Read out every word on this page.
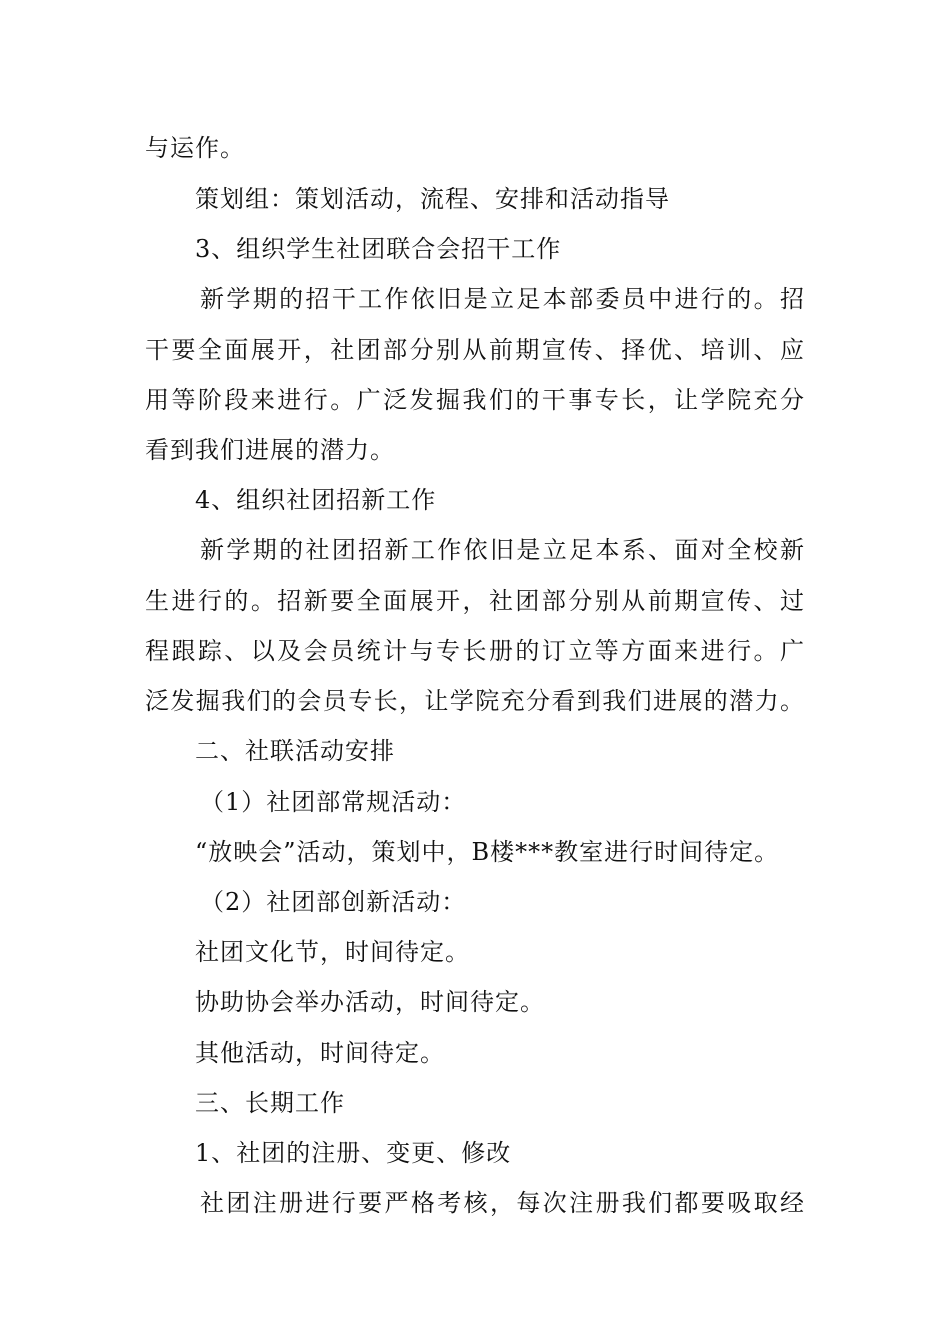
与运作。
策划组：策划活动，流程、安排和活动指导
3、组织学生社团联合会招干工作
新学期的招干工作依旧是立足本部委员中进行的。招
干要全面展开，社团部分别从前期宣传、择优、培训、应
用等阶段来进行。广泛发掘我们的干事专长，让学院充分
看到我们进展的潜力。
4、组织社团招新工作
新学期的社团招新工作依旧是立足本系、面对全校新
生进行的。招新要全面展开，社团部分别从前期宣传、过
程跟踪、以及会员统计与专长册的订立等方面来进行。广
泛发掘我们的会员专长，让学院充分看到我们进展的潜力。
二、社联活动安排
（1）社团部常规活动：
“放映会”活动，策划中，B楼***教室进行时间待定。
（2）社团部创新活动：
社团文化节，时间待定。
协助协会举办活动，时间待定。
其他活动，时间待定。
三、长期工作
1、社团的注册、变更、修改
社团注册进行要严格考核，每次注册我们都要吸取经
